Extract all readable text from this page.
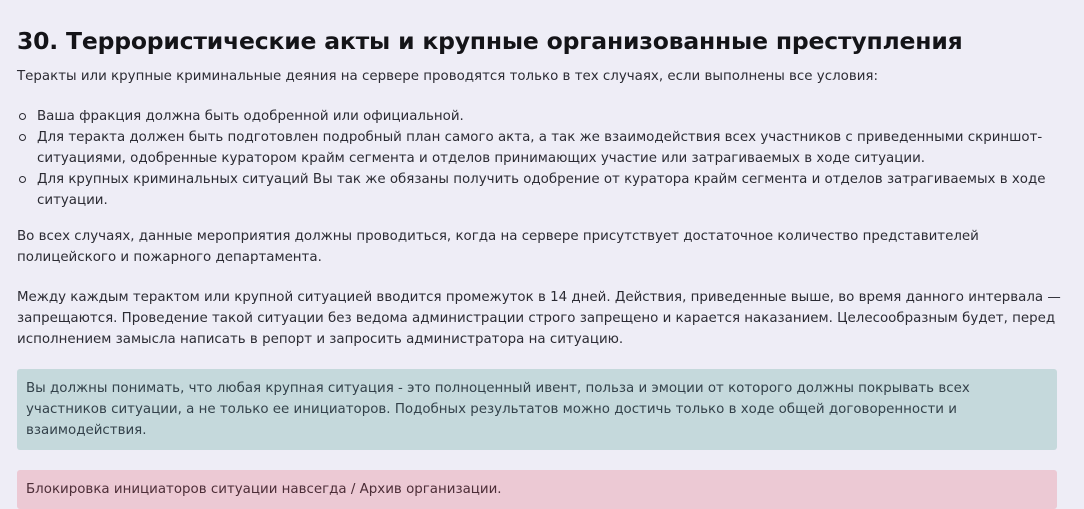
30. Террористические акты и крупные организованные преступления

Теракты или крупные криминальные деяния на сервере проводятся только в тех случаях, если выполнены все условия:

Ваша фракция должна быть одобренной или официальной.
Для теракта должен быть подготовлен подробный план самого акта, а так же взаимодействия всех участников с приведенными скриншот-ситуациями, одобренные куратором крайм сегмента и отделов принимающих участие или затрагиваемых в ходе ситуации.
Для крупных криминальных ситуаций Вы так же обязаны получить одобрение от куратора крайм сегмента и отделов затрагиваемых в ходе ситуации.

Во всех случаях, данные мероприятия должны проводиться, когда на сервере присутствует достаточное количество представителей полицейского и пожарного департамента.

Между каждым терактом или крупной ситуацией вводится промежуток в 14 дней. Действия, приведенные выше, во время данного интервала — запрещаются. Проведение такой ситуации без ведома администрации строго запрещено и карается наказанием. Целесообразным будет, перед исполнением замысла написать в репорт и запросить администратора на ситуацию.

Вы должны понимать, что любая крупная ситуация - это полноценный ивент, польза и эмоции от которого должны покрывать всех участников ситуации, а не только ее инициаторов. Подобных результатов можно достичь только в ходе общей договоренности и взаимодействия.
Блокировка инициаторов ситуации навсегда / Архив организации.
